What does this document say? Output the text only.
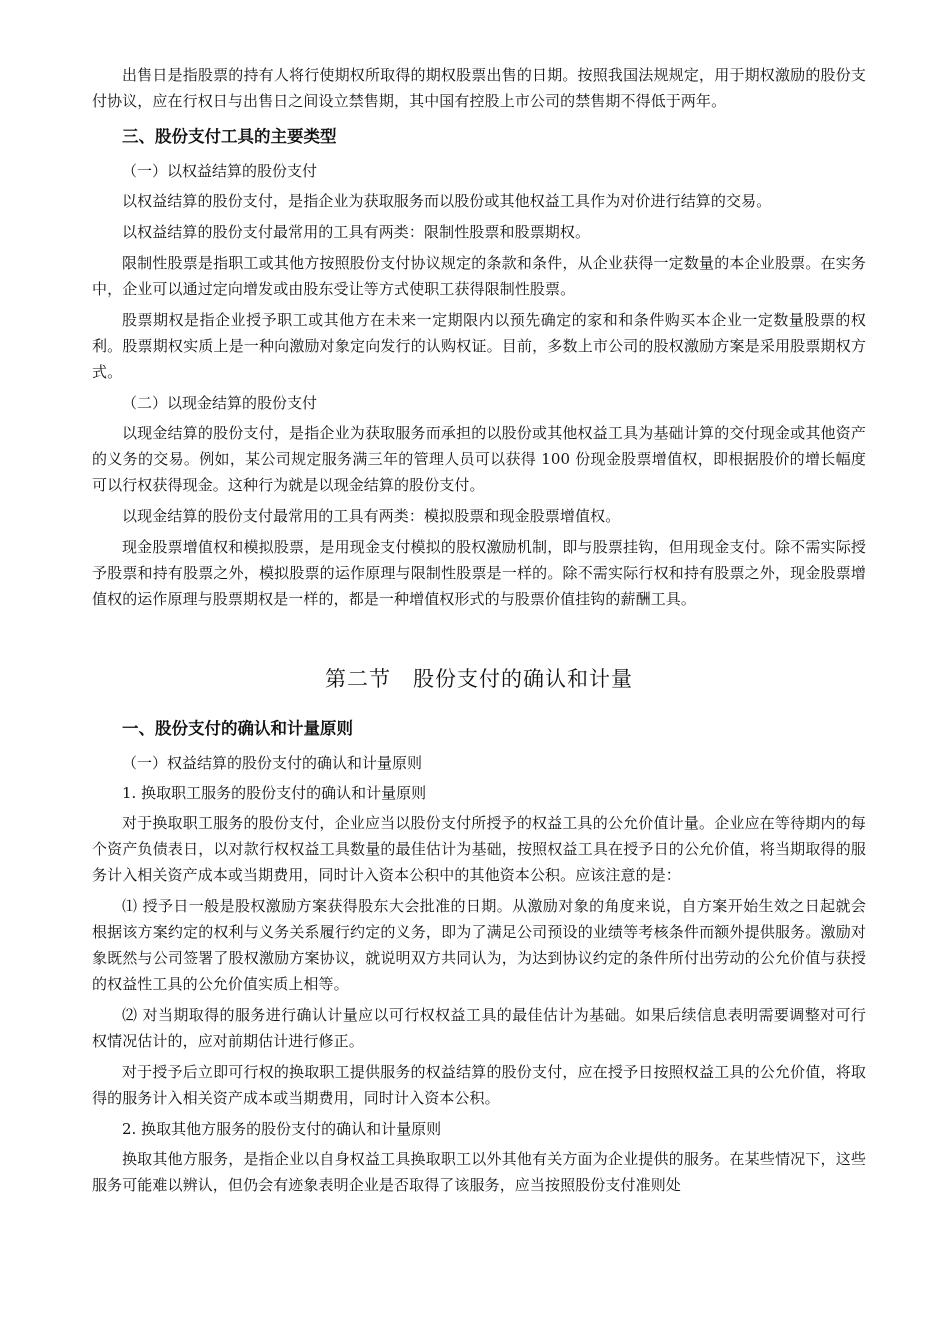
出售日是指股票的持有人将行使期权所取得的期权股票出售的日期。按照我国法规规定，用于期权激励的股份支付协议，应在行权日与出售日之间设立禁售期，其中国有控股上市公司的禁售期不得低于两年。

三、股份支付工具的主要类型
（一）以权益结算的股份支付

以权益结算的股份支付，是指企业为获取服务而以股份或其他权益工具作为对价进行结算的交易。

以权益结算的股份支付最常用的工具有两类：限制性股票和股票期权。

限制性股票是指职工或其他方按照股份支付协议规定的条款和条件，从企业获得一定数量的本企业股票。在实务中，企业可以通过定向增发或由股东受让等方式使职工获得限制性股票。

股票期权是指企业授予职工或其他方在未来一定期限内以预先确定的家和和条件购买本企业一定数量股票的权利。股票期权实质上是一种向激励对象定向发行的认购权证。目前，多数上市公司的股权激励方案是采用股票期权方式。

（二）以现金结算的股份支付

以现金结算的股份支付，是指企业为获取服务而承担的以股份或其他权益工具为基础计算的交付现金或其他资产的义务的交易。例如，某公司规定服务满三年的管理人员可以获得 100 份现金股票增值权，即根据股价的增长幅度可以行权获得现金。这种行为就是以现金结算的股份支付。

以现金结算的股份支付最常用的工具有两类：模拟股票和现金股票增值权。

现金股票增值权和模拟股票，是用现金支付模拟的股权激励机制，即与股票挂钩，但用现金支付。除不需实际授予股票和持有股票之外，模拟股票的运作原理与限制性股票是一样的。除不需实际行权和持有股票之外，现金股票增值权的运作原理与股票期权是一样的，都是一种增值权形式的与股票价值挂钩的薪酬工具。

第二节　股份支付的确认和计量
一、股份支付的确认和计量原则
（一）权益结算的股份支付的确认和计量原则
1. 换取职工服务的股份支付的确认和计量原则

对于换取职工服务的股份支付，企业应当以股份支付所授予的权益工具的公允价值计量。企业应在等待期内的每个资产负债表日，以对款行权权益工具数量的最佳估计为基础，按照权益工具在授予日的公允价值，将当期取得的服务计入相关资产成本或当期费用，同时计入资本公积中的其他资本公积。应该注意的是：

⑴ 授予日一般是股权激励方案获得股东大会批准的日期。从激励对象的角度来说，自方案开始生效之日起就会根据该方案约定的权利与义务关系履行约定的义务，即为了满足公司预设的业绩等考核条件而额外提供服务。激励对象既然与公司签署了股权激励方案协议，就说明双方共同认为，为达到协议约定的条件所付出劳动的公允价值与获授的权益性工具的公允价值实质上相等。

⑵ 对当期取得的服务进行确认计量应以可行权权益工具的最佳估计为基础。如果后续信息表明需要调整对可行权情况估计的，应对前期估计进行修正。

对于授予后立即可行权的换取职工提供服务的权益结算的股份支付，应在授予日按照权益工具的公允价值，将取得的服务计入相关资产成本或当期费用，同时计入资本公积。

2. 换取其他方服务的股份支付的确认和计量原则

换取其他方服务，是指企业以自身权益工具换取职工以外其他有关方面为企业提供的服务。在某些情况下，这些服务可能难以辨认，但仍会有迹象表明企业是否取得了该服务，应当按照股份支付准则处
